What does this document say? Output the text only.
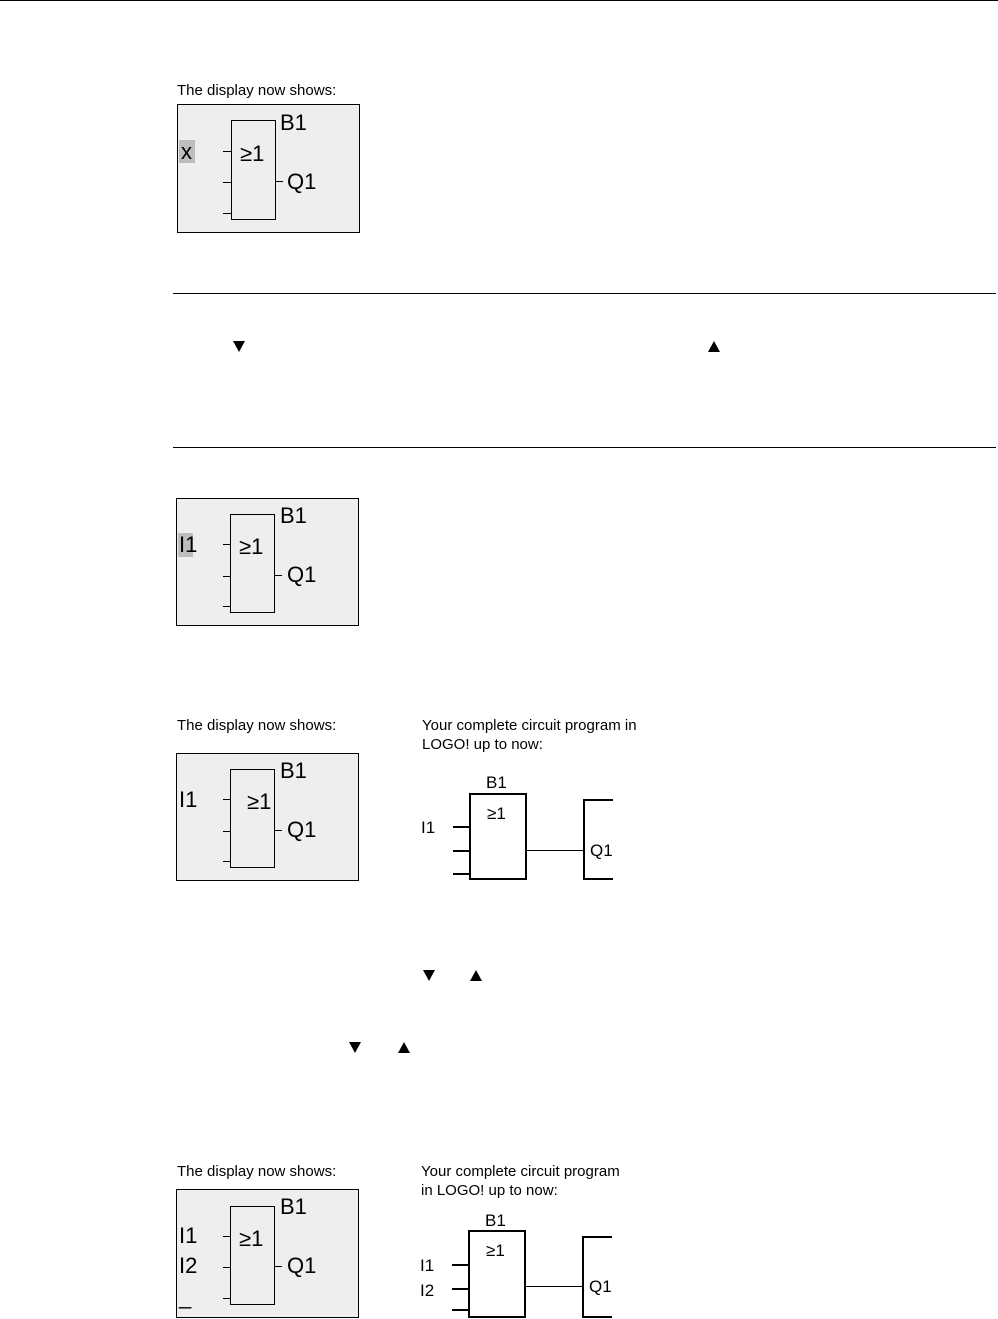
The display now shows:
B1
≥1
Q1
x
B1
≥1
Q1
I1
The display now shows:	Your complete circuit program in
LOGO! up to now:
B1
≥1
Q1
I1
B1
≥1
I1
Q1
The display now shows:	Your complete circuit program
in LOGO! up to now:
B1
≥1
Q1
I1
I2
_
B1
≥1
I1
I2	Q1
